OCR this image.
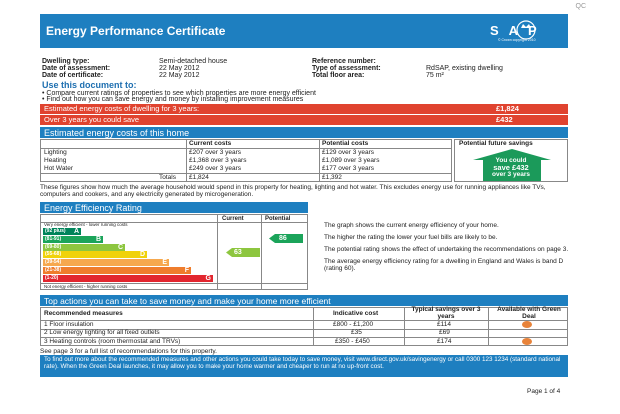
QC
Energy Performance Certificate	SAP
© Crown copyright 2010
Dwelling type:	Semi-detached house
Date of assessment:	22 May 2012
Date of certificate:	22 May 2012
Reference number:
Type of assessment:	RdSAP, existing dwelling
Total floor area:	75 m²
Use this document to:
• Compare current ratings of properties to see which properties are more energy efficient
• Find out how you can save energy and money by installing improvement measures
Estimated energy costs of dwelling for 3 years:	£1,824
Over 3 years you could save	£432
Estimated energy costs of this home
Current costs	Potential costs
Lighting	£207 over 3 years	£129 over 3 years
Heating	£1,368 over 3 years	£1,089 over 3 years
Hot Water	£249 over 3 years	£177 over 3 years
Totals £1,824	£1,392
Potential future savings
You could
save £432
over 3 years
These figures show how much the average household would spend in this property for heating, lighting and hot water. This excludes energy use for running appliances like TVs, computers and cookers, and any electricity generated by microgeneration.
Energy Efficiency Rating
Current	Potential
Very energy efficient - lower running costs
Not energy efficient - higher running costs
(92 plus) A
(81-91)	B
(69-80)	C
(55-68)	D
(39-54)	E
(21-38)	F
(1-20)	G
63
86
The graph shows the current energy efficiency of your home.
The higher the rating the lower your fuel bills are likely to be.
The potential rating shows the effect of undertaking the recommendations on page 3.
The average energy efficiency rating for a dwelling in England and Wales is band D (rating 60).
Top actions you can take to save money and make your home more efficient
Recommended measures	Indicative cost
Typical savings over 3 years
Available with Green Deal
1 Floor insulation	£800 - £1,200	£114
2 Low energy lighting for all fixed outlets	£35	£69
3 Heating controls (room thermostat and TRVs)	£350 - £450	£174
See page 3 for a full list of recommendations for this property.
To find out more about the recommended measures and other actions you could take today to save money, visit www.direct.gov.uk/savingenergy or call 0300 123 1234 (standard national rate). When the Green Deal launches, it may allow you to make your home warmer and cheaper to run at no up-front cost.
Page 1 of 4
